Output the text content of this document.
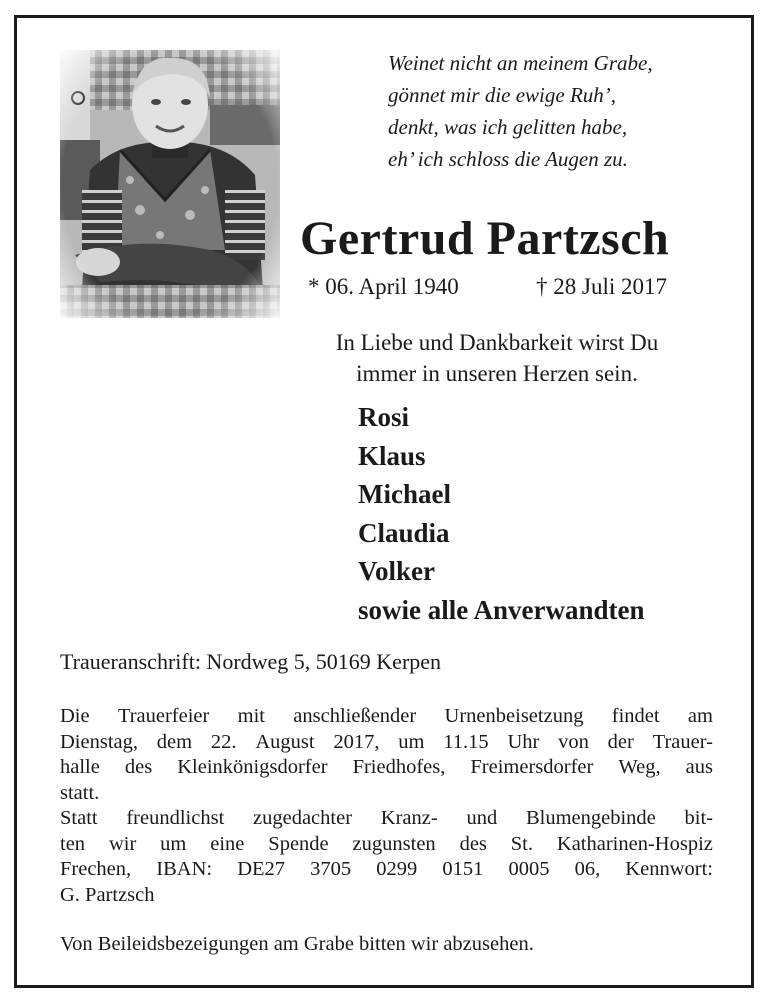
Weinet nicht an meinem Grabe,
gönnet mir die ewige Ruh’,
denkt, was ich gelitten habe,
eh’ ich schloss die Augen zu.
Gertrud Partzsch
* 06. April 1940	† 28 Juli 2017
In Liebe und Dankbarkeit wirst Du
immer in unseren Herzen sein.
Rosi
Klaus
Michael
Claudia
Volker
sowie alle Anverwandten
Traueranschrift: Nordweg 5, 50169 Kerpen
Die Trauerfeier mit anschließender Urnenbeisetzung findet am
Dienstag, dem 22. August 2017, um 11.15 Uhr von der Trauer-
halle des Kleinkönigsdorfer Friedhofes, Freimersdorfer Weg, aus
statt.
Statt freundlichst zugedachter Kranz- und Blumengebinde bit-
ten wir um eine Spende zugunsten des St. Katharinen-Hospiz
Frechen, IBAN: DE27 3705 0299 0151 0005 06, Kennwort:
G. Partzsch
Von Beileidsbezeigungen am Grabe bitten wir abzusehen.
